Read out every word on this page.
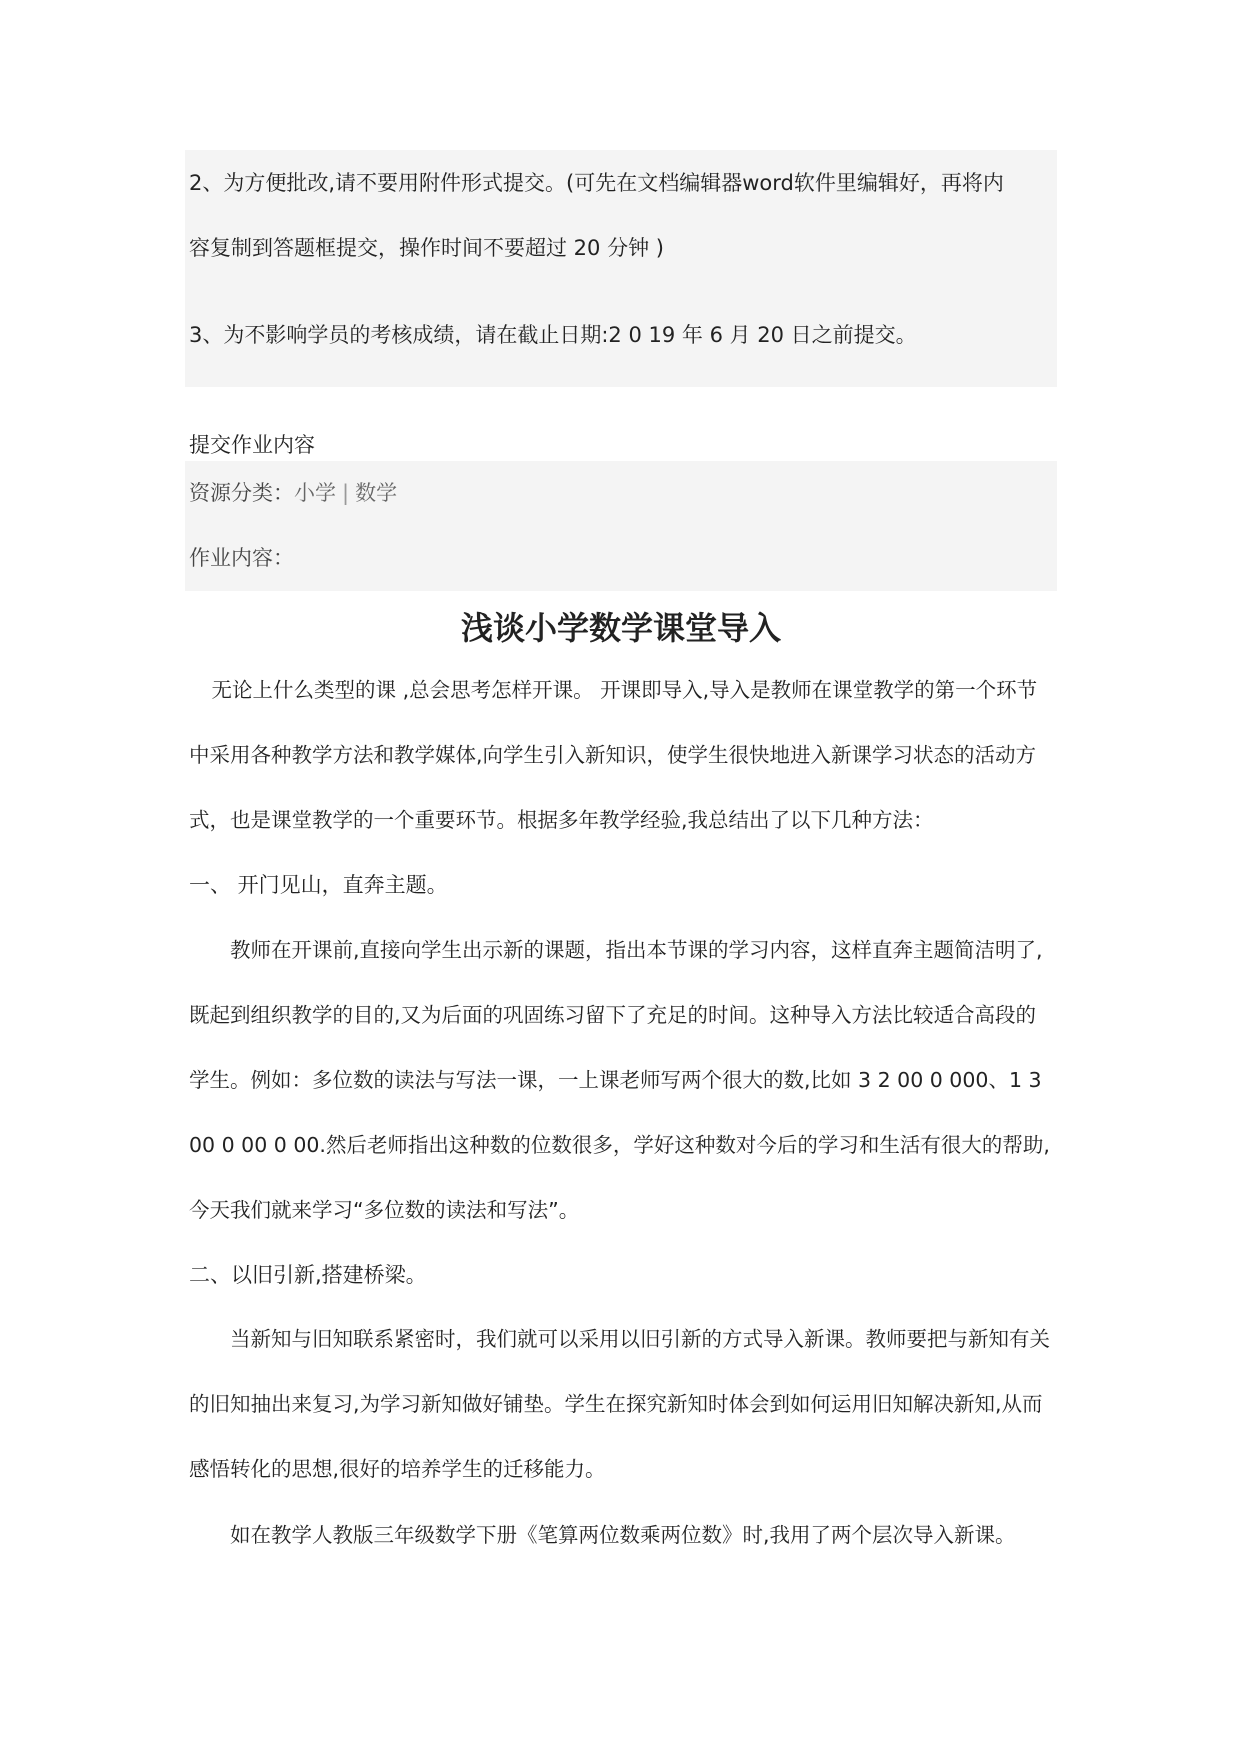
2、为方便批改,请不要用附件形式提交。(可先在文档编辑器word软件里编辑好，再将内
容复制到答题框提交，操作时间不要超过 20 分钟 )
3、为不影响学员的考核成绩，请在截止日期:2 0 19 年 6 月 20 日之前提交。
提交作业内容
资源分类：小学 | 数学
作业内容：
浅谈小学数学课堂导入
无论上什么类型的课 ,总会思考怎样开课。 开课即导入,导入是教师在课堂教学的第一个环节中采用各种教学方法和教学媒体,向学生引入新知识，使学生很快地进入新课学习状态的活动方式，也是课堂教学的一个重要环节。根据多年教学经验,我总结出了以下几种方法：
一、 开门见山，直奔主题。
教师在开课前,直接向学生出示新的课题，指出本节课的学习内容，这样直奔主题简洁明了,既起到组织教学的目的,又为后面的巩固练习留下了充足的时间。这种导入方法比较适合高段的学生。例如：多位数的读法与写法一课，一上课老师写两个很大的数,比如 3 2 00 0 000、1 3 00 0 00 0 00.然后老师指出这种数的位数很多，学好这种数对今后的学习和生活有很大的帮助,今天我们就来学习“多位数的读法和写法”。
二、以旧引新,搭建桥梁。
当新知与旧知联系紧密时，我们就可以采用以旧引新的方式导入新课。教师要把与新知有关的旧知抽出来复习,为学习新知做好铺垫。学生在探究新知时体会到如何运用旧知解决新知,从而感悟转化的思想,很好的培养学生的迁移能力。
如在教学人教版三年级数学下册《笔算两位数乘两位数》时,我用了两个层次导入新课。
